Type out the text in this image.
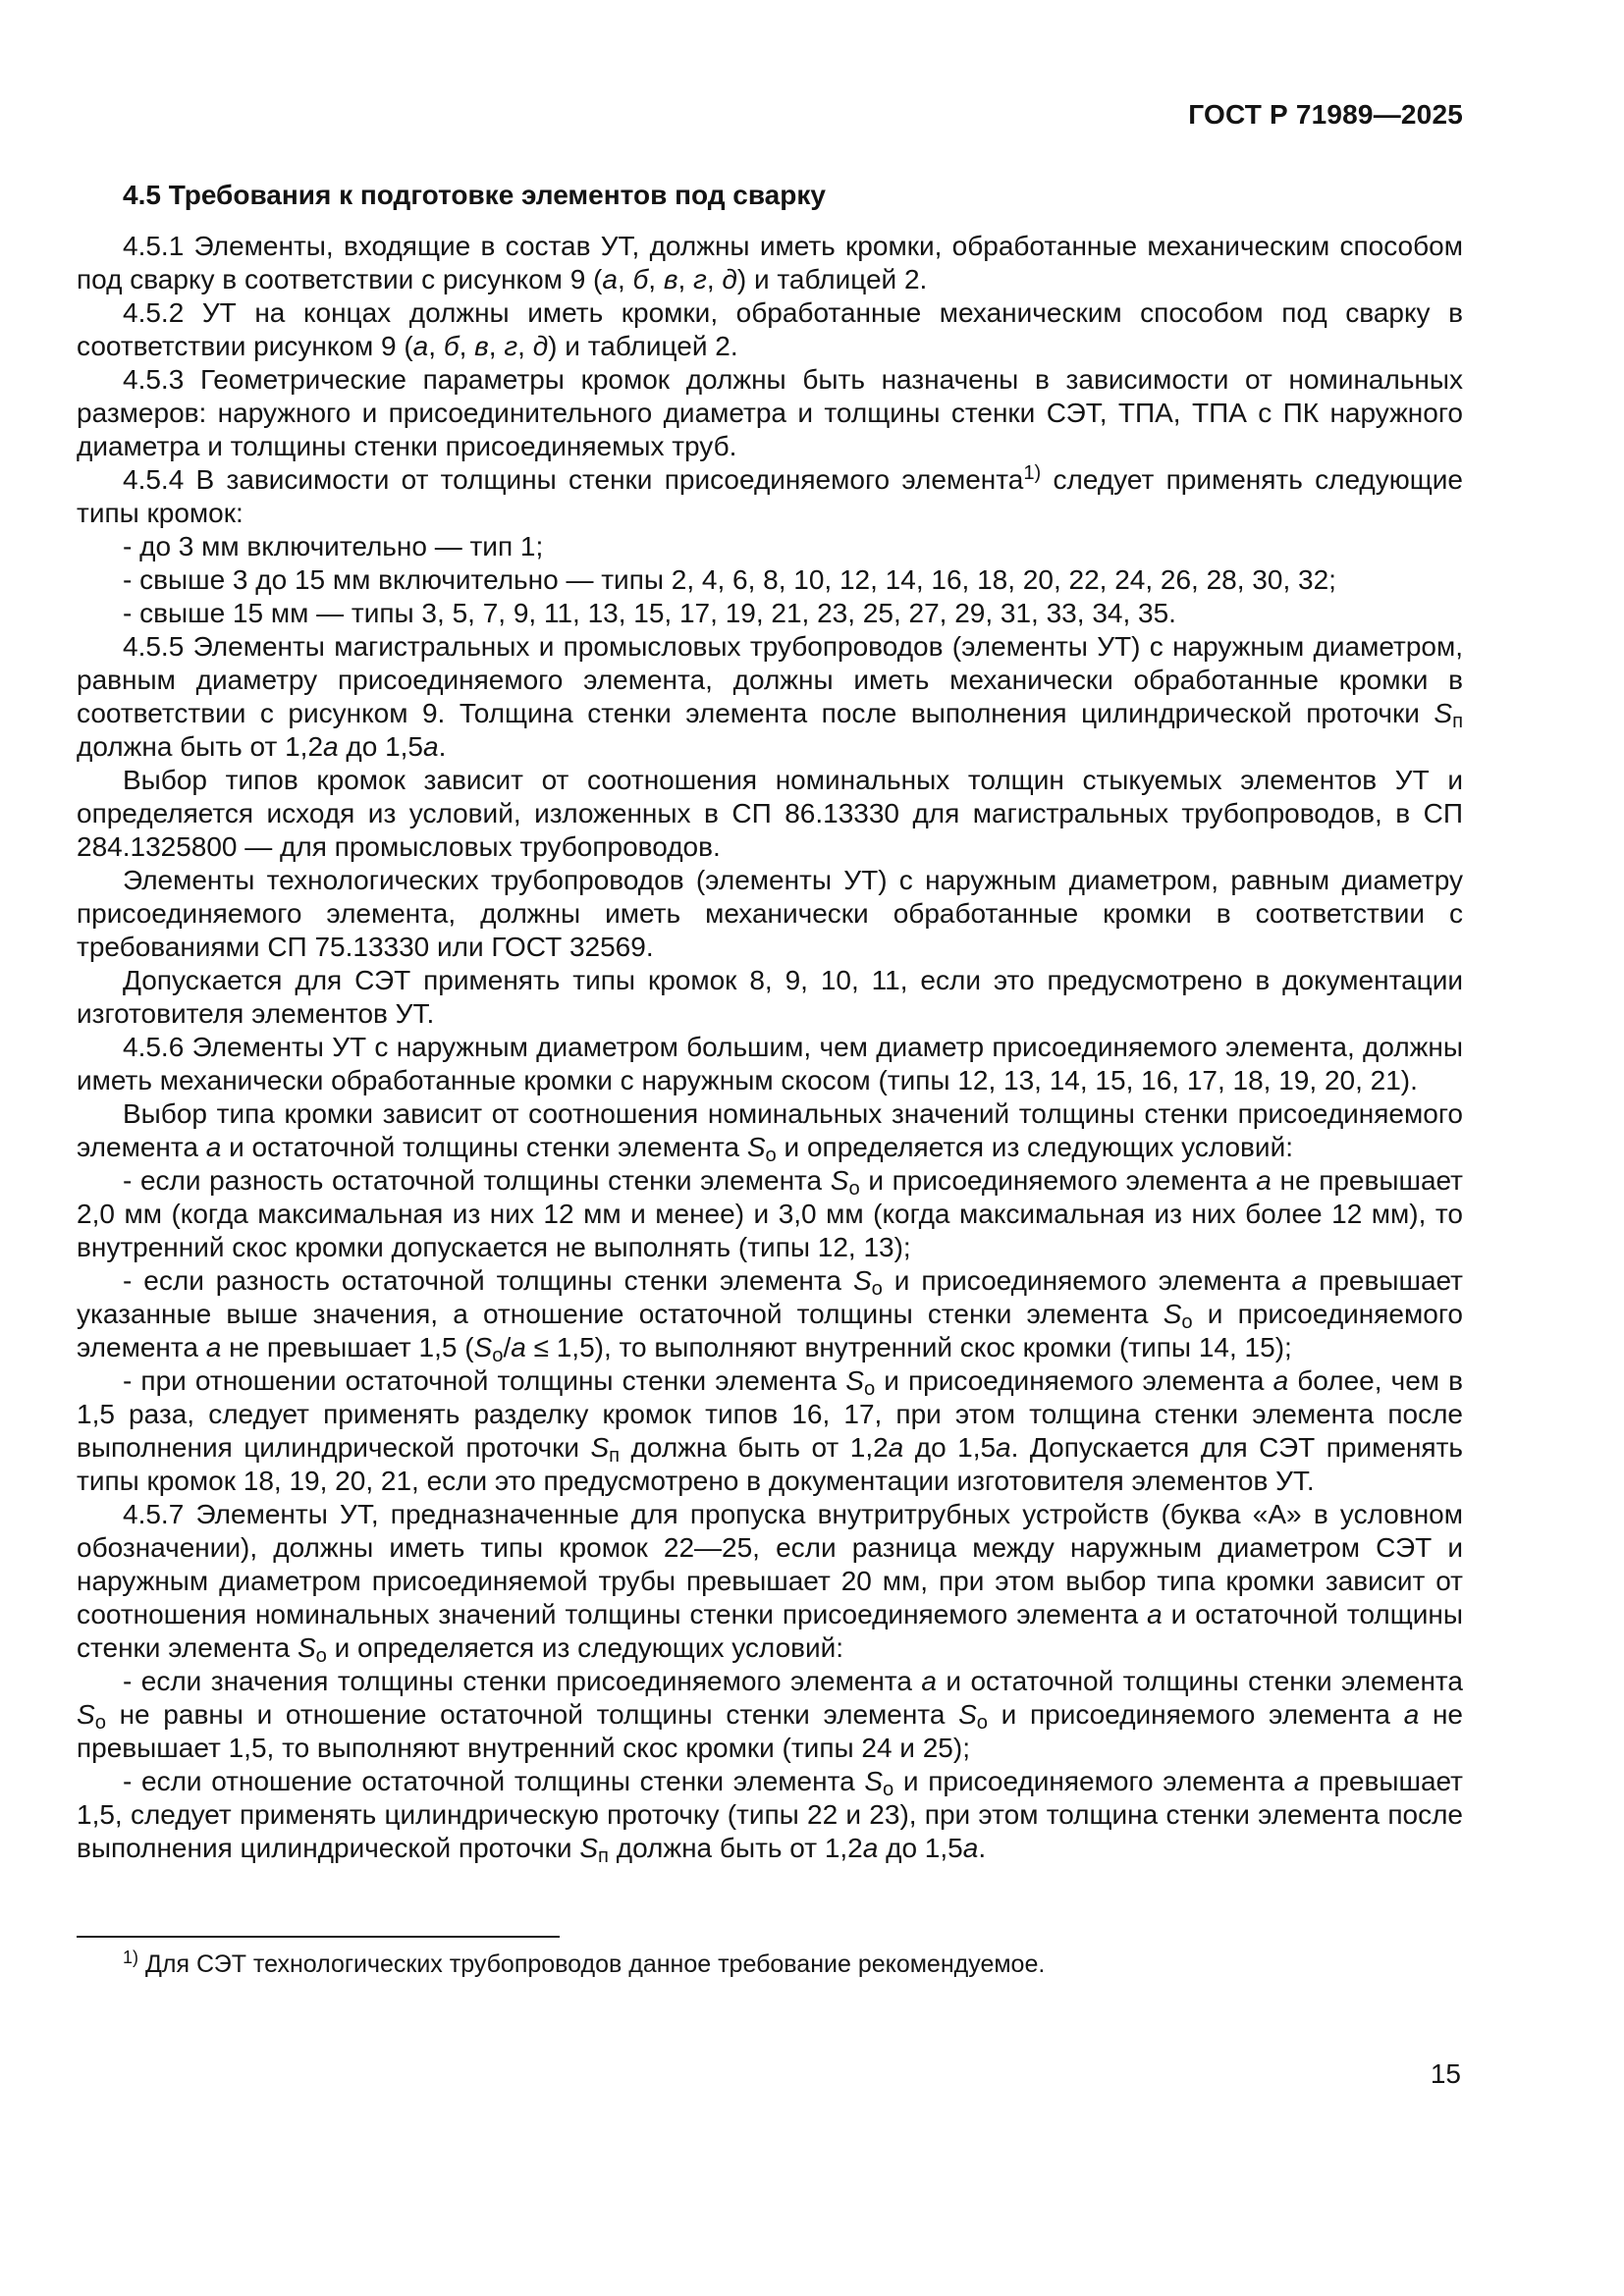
ГОСТ Р 71989—2025

4.5 Требования к подготовке элементов под сварку

4.5.1 Элементы, входящие в состав УТ, должны иметь кромки, обработанные механическим способом под сварку в соответствии с рисунком 9 (а, б, в, г, д) и таблицей 2.

4.5.2 УТ на концах должны иметь кромки, обработанные механическим способом под сварку в соответствии рисунком 9 (а, б, в, г, д) и таблицей 2.

4.5.3 Геометрические параметры кромок должны быть назначены в зависимости от номинальных размеров: наружного и присоединительного диаметра и толщины стенки СЭТ, ТПА, ТПА с ПК наружного диаметра и толщины стенки присоединяемых труб.

4.5.4 В зависимости от толщины стенки присоединяемого элемента$^{1)}$ следует применять следующие типы кромок:

- до 3 мм включительно — тип 1;

- свыше 3 до 15 мм включительно — типы 2, 4, 6, 8, 10, 12, 14, 16, 18, 20, 22, 24, 26, 28, 30, 32;

- свыше 15 мм — типы 3, 5, 7, 9, 11, 13, 15, 17, 19, 21, 23, 25, 27, 29, 31, 33, 34, 35.

4.5.5 Элементы магистральных и промысловых трубопроводов (элементы УТ) с наружным диаметром, равным диаметру присоединяемого элемента, должны иметь механически обработанные кромки в соответствии с рисунком 9. Толщина стенки элемента после выполнения цилиндрической проточки $S_п$ должна быть от 1,2а до 1,5а.

Выбор типов кромок зависит от соотношения номинальных толщин стыкуемых элементов УТ и определяется исходя из условий, изложенных в СП 86.13330 для магистральных трубопроводов, в СП 284.1325800 — для промысловых трубопроводов.

Элементы технологических трубопроводов (элементы УТ) с наружным диаметром, равным диаметру присоединяемого элемента, должны иметь механически обработанные кромки в соответствии с требованиями СП 75.13330 или ГОСТ 32569.

Допускается для СЭТ применять типы кромок 8, 9, 10, 11, если это предусмотрено в документации изготовителя элементов УТ.

4.5.6 Элементы УТ с наружным диаметром большим, чем диаметр присоединяемого элемента, должны иметь механически обработанные кромки с наружным скосом (типы 12, 13, 14, 15, 16, 17, 18, 19, 20, 21).

Выбор типа кромки зависит от соотношения номинальных значений толщины стенки присоединяемого элемента а и остаточной толщины стенки элемента $S_о$ и определяется из следующих условий:

- если разность остаточной толщины стенки элемента $S_о$ и присоединяемого элемента а не превышает 2,0 мм (когда максимальная из них 12 мм и менее) и 3,0 мм (когда максимальная из них более 12 мм), то внутренний скос кромки допускается не выполнять (типы 12, 13);

- если разность остаточной толщины стенки элемента $S_о$ и присоединяемого элемента а превышает указанные выше значения, а отношение остаточной толщины стенки элемента $S_о$ и присоединяемого элемента а не превышает 1,5 $(S_о/а \le 1,5)$, то выполняют внутренний скос кромки (типы 14, 15);

- при отношении остаточной толщины стенки элемента $S_о$ и присоединяемого элемента а более, чем в 1,5 раза, следует применять разделку кромок типов 16, 17, при этом толщина стенки элемента после выполнения цилиндрической проточки $S_п$ должна быть от 1,2а до 1,5а. Допускается для СЭТ применять типы кромок 18, 19, 20, 21, если это предусмотрено в документации изготовителя элементов УТ.

4.5.7 Элементы УТ, предназначенные для пропуска внутритрубных устройств (буква «А» в условном обозначении), должны иметь типы кромок 22—25, если разница между наружным диаметром СЭТ и наружным диаметром присоединяемой трубы превышает 20 мм, при этом выбор типа кромки зависит от соотношения номинальных значений толщины стенки присоединяемого элемента а и остаточной толщины стенки элемента $S_о$ и определяется из следующих условий:

- если значения толщины стенки присоединяемого элемента а и остаточной толщины стенки элемента $S_о$ не равны и отношение остаточной толщины стенки элемента $S_о$ и присоединяемого элемента а не превышает 1,5, то выполняют внутренний скос кромки (типы 24 и 25);

- если отношение остаточной толщины стенки элемента $S_о$ и присоединяемого элемента а превышает 1,5, следует применять цилиндрическую проточку (типы 22 и 23), при этом толщина стенки элемента после выполнения цилиндрической проточки $S_п$ должна быть от 1,2а до 1,5а.

$^{1)}$ Для СЭТ технологических трубопроводов данное требование рекомендуемое.
15
